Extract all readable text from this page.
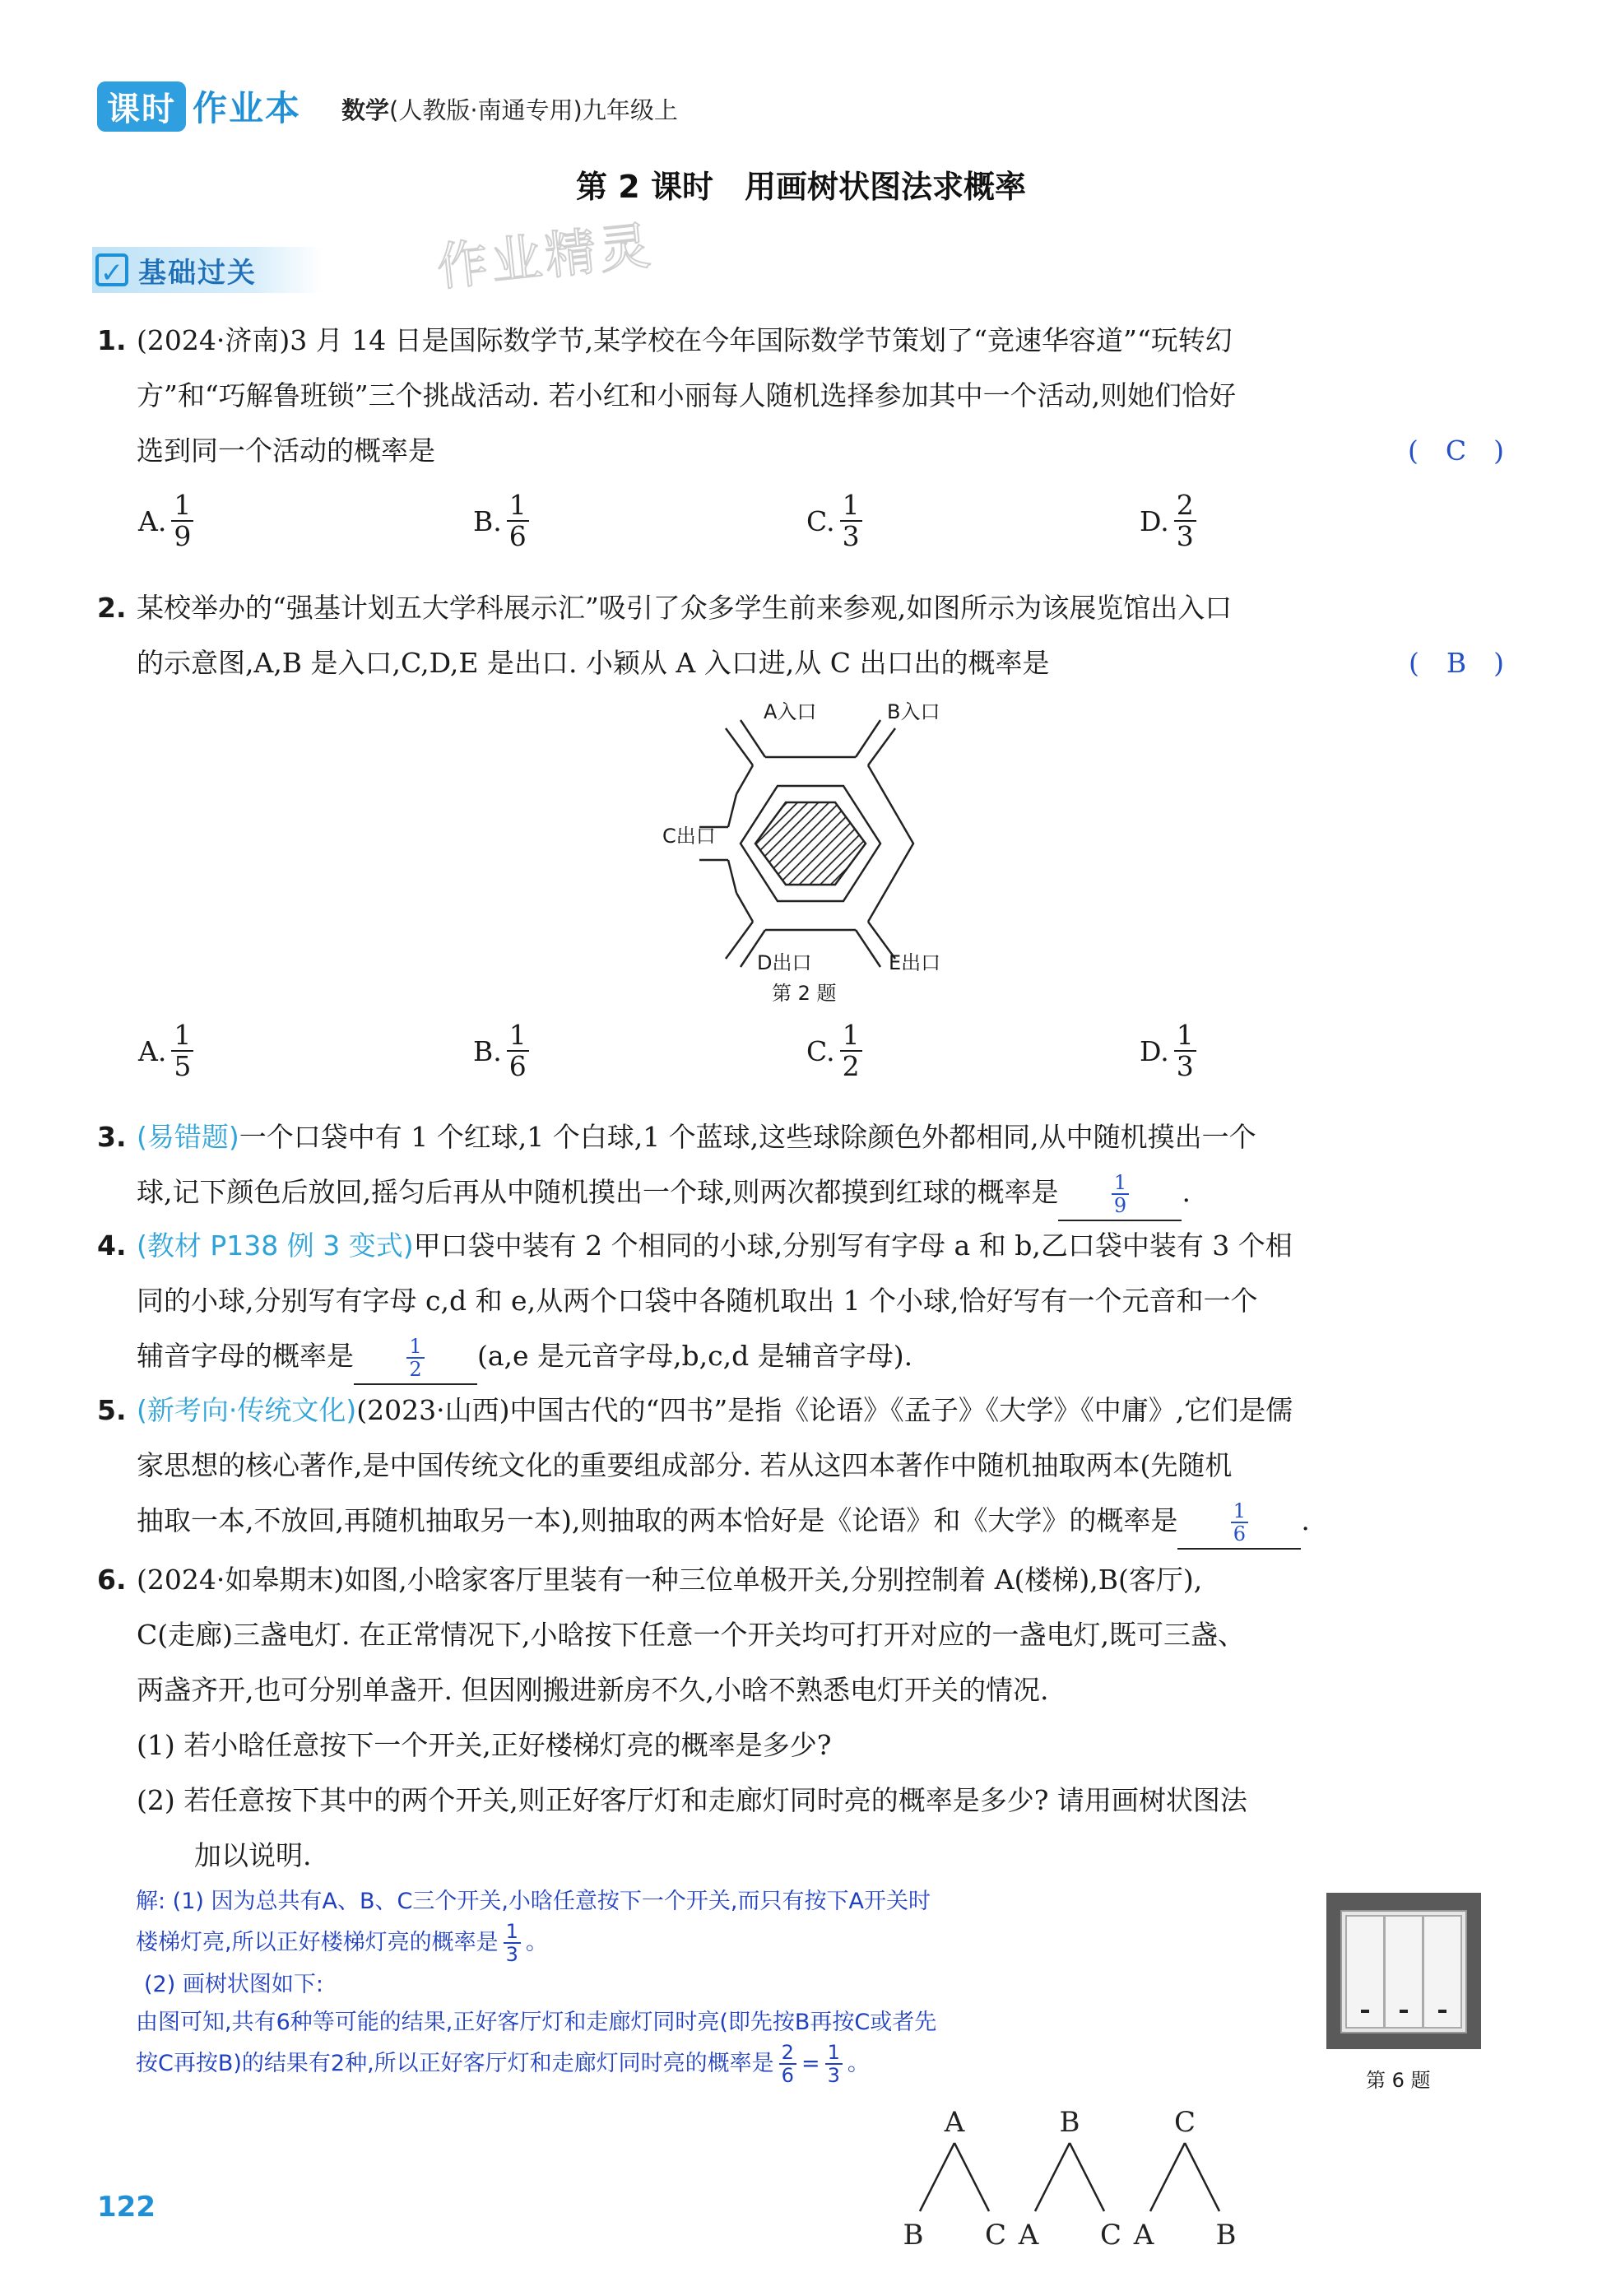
课时 作业本 数学(人教版·南通专用)九年级上
第 2 课时　用画树状图法求概率
✓ 基础过关	作业精灵
1. (2024·济南)3 月 14 日是国际数学节,某学校在今年国际数学节策划了“竞速华容道”“玩转幻
方”和“巧解鲁班锁”三个挑战活动. 若小红和小丽每人随机选择参加其中一个活动,则她们恰好
选到同一个活动的概率是	(　C　)
A. $\frac{1}{9}$	B. $\frac{1}{6}$	C. $\frac{1}{3}$	D. $\frac{2}{3}$
2. 某校举办的“强基计划五大学科展示汇”吸引了众多学生前来参观,如图所示为该展览馆出入口
的示意图,A,B 是入口,C,D,E 是出口. 小颖从 A 入口进,从 C 出口出的概率是	(　B　)
A入口	B入口
C出口
D出口	E出口
第 2 题
A. $\frac{1}{5}$	B. $\frac{1}{6}$	C. $\frac{1}{2}$	D. $\frac{1}{3}$
3. (易错题)一个口袋中有 1 个红球,1 个白球,1 个蓝球,这些球除颜色外都相同,从中随机摸出一个
球,记下颜色后放回,摇匀后再从中随机摸出一个球,则两次都摸到红球的概率是	$\frac{1}{9}$ .
4. (教材 P138 例 3 变式)甲口袋中装有 2 个相同的小球,分别写有字母 a 和 b,乙口袋中装有 3 个相
同的小球,分别写有字母 c,d 和 e,从两个口袋中各随机取出 1 个小球,恰好写有一个元音和一个
辅音字母的概率是	$\frac{1}{2} (a,e$ 是元音字母,b,c,d 是辅音字母).
5. (新考向·传统文化)(2023·山西)中国古代的“四书”是指《论语》《孟子》《大学》《中庸》,它们是儒
家思想的核心著作,是中国传统文化的重要组成部分. 若从这四本著作中随机抽取两本(先随机
抽取一本,不放回,再随机抽取另一本),则抽取的两本恰好是《论语》和《大学》的概率是	$\frac{1}{6}$ .
6. (2024·如皋期末)如图,小晗家客厅里装有一种三位单极开关,分别控制着 A(楼梯),B(客厅),
C(走廊)三盏电灯. 在正常情况下,小晗按下任意一个开关均可打开对应的一盏电灯,既可三盏、
两盏齐开,也可分别单盏开. 但因刚搬进新房不久,小晗不熟悉电灯开关的情况.
(1) 若小晗任意按下一个开关,正好楼梯灯亮的概率是多少?
(2) 若任意按下其中的两个开关,则正好客厅灯和走廊灯同时亮的概率是多少? 请用画树状图法
加以说明.
解: (1) 因为总共有A、B、C三个开关,小晗任意按下一个开关,而只有按下A开关时
楼梯灯亮,所以正好楼梯灯亮的概率是 $\frac{1}{3}$ 。
(2) 画树状图如下:
由图可知,共有6种等可能的结果,正好客厅灯和走廊灯同时亮(即先按B再按C或者先
按C再按B)的结果有2种,所以正好客厅灯和走廊灯同时亮的概率是 $\frac{2}{6} = \frac{1}{3}$ 。
第 6 题
A
B C
B
A C
C
A B
122
